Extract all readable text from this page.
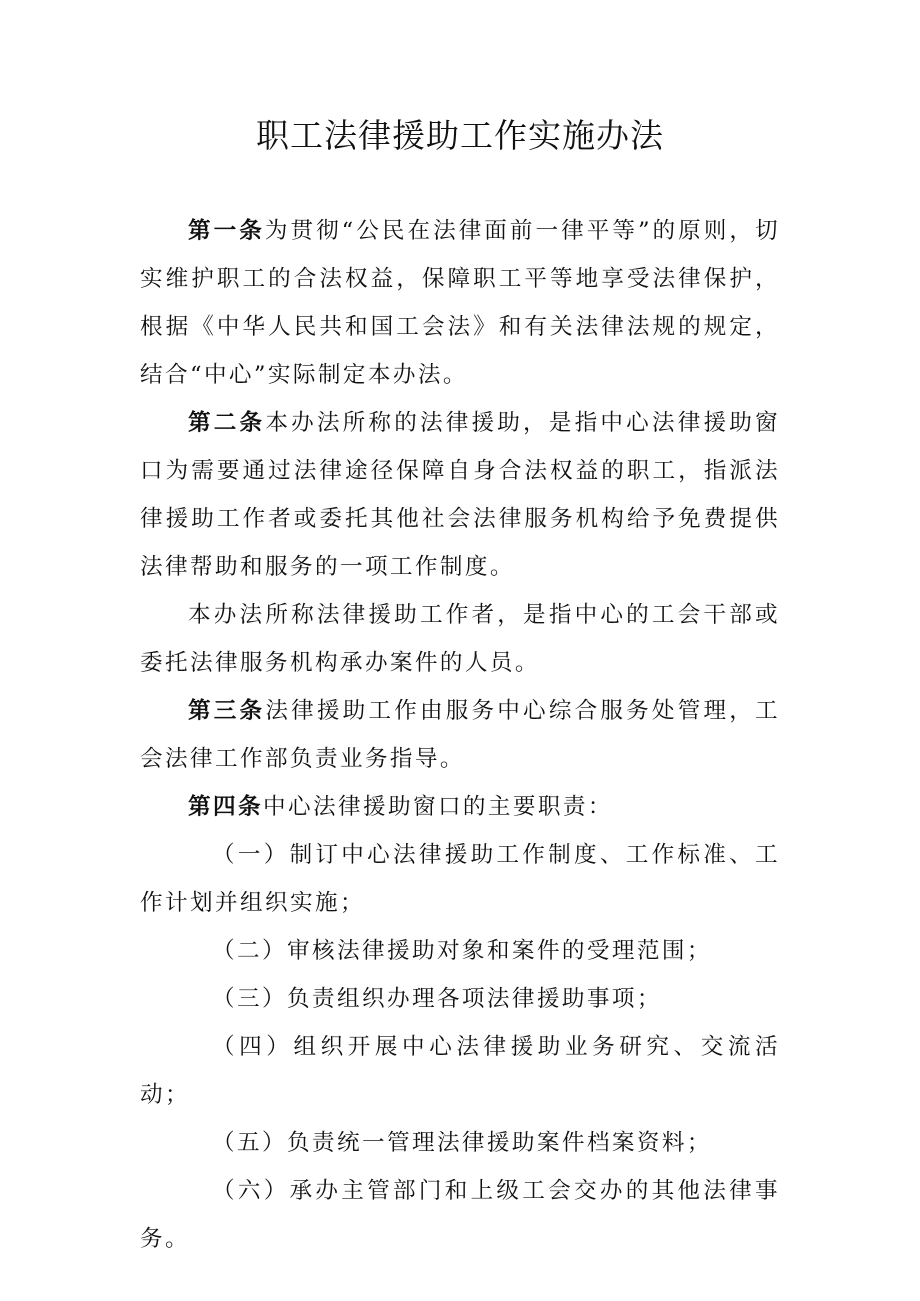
职工法律援助工作实施办法

第一条为贯彻“公民在法律面前一律平等”的原则，切实维护职工的合法权益，保障职工平等地享受法律保护，根据《中华人民共和国工会法》和有关法律法规的规定，结合“中心”实际制定本办法。

第二条本办法所称的法律援助，是指中心法律援助窗口为需要通过法律途径保障自身合法权益的职工，指派法律援助工作者或委托其他社会法律服务机构给予免费提供法律帮助和服务的一项工作制度。

本办法所称法律援助工作者，是指中心的工会干部或委托法律服务机构承办案件的人员。

第三条法律援助工作由服务中心综合服务处管理，工会法律工作部负责业务指导。

第四条中心法律援助窗口的主要职责：

（一）制订中心法律援助工作制度、工作标准、工作计划并组织实施；

（二）审核法律援助对象和案件的受理范围；

（三）负责组织办理各项法律援助事项；

（四）组织开展中心法律援助业务研究、交流活动；

（五）负责统一管理法律援助案件档案资料；

（六）承办主管部门和上级工会交办的其他法律事务。
